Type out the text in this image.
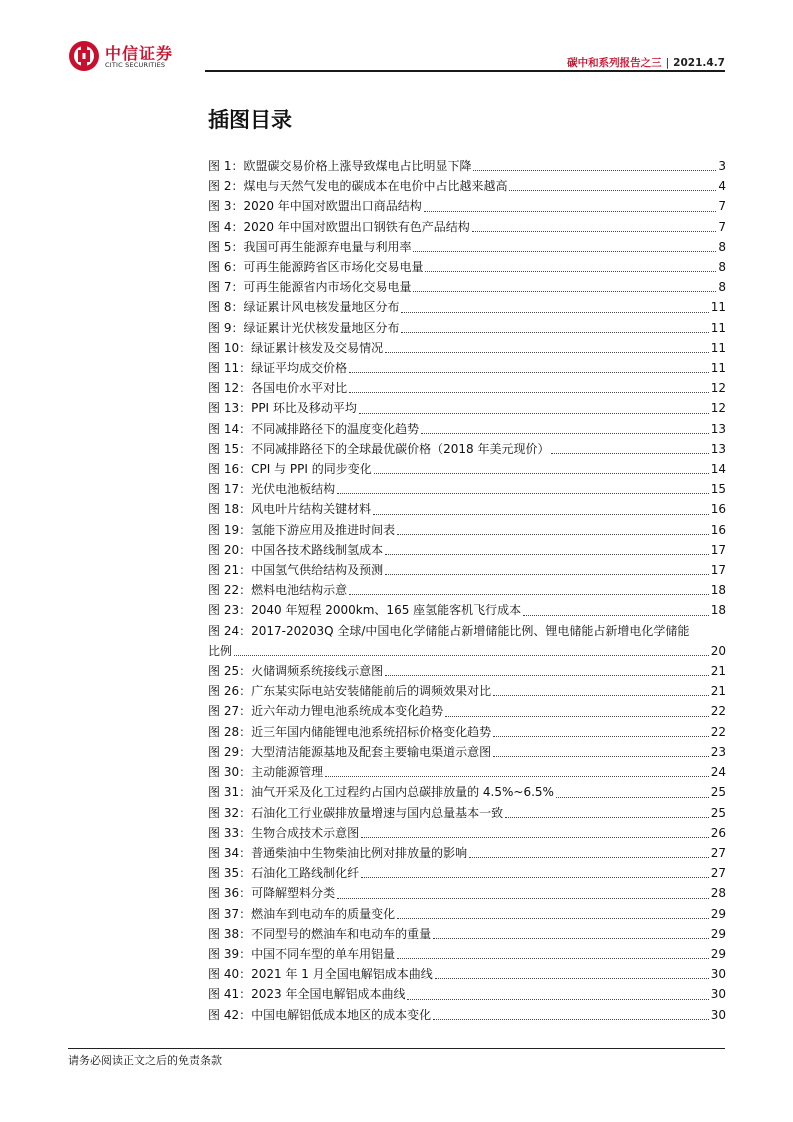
中信证券
CITIC SECURITIES	碳中和系列报告之三 | 2021.4.7
插图目录
图 1：欧盟碳交易价格上涨导致煤电占比明显下降	3
图 2：煤电与天然气发电的碳成本在电价中占比越来越高	4
图 3：2020 年中国对欧盟出口商品结构	7
图 4：2020 年中国对欧盟出口钢铁有色产品结构	7
图 5：我国可再生能源弃电量与利用率	8
图 6：可再生能源跨省区市场化交易电量	8
图 7：可再生能源省内市场化交易电量	8
图 8：绿证累计风电核发量地区分布	11
图 9：绿证累计光伏核发量地区分布	11
图 10：绿证累计核发及交易情况	11
图 11：绿证平均成交价格	11
图 12：各国电价水平对比	12
图 13：PPI 环比及移动平均	12
图 14：不同减排路径下的温度变化趋势	13
图 15：不同减排路径下的全球最优碳价格（2018 年美元现价）	13
图 16：CPI 与 PPI 的同步变化	14
图 17：光伏电池板结构	15
图 18：风电叶片结构关键材料	16
图 19：氢能下游应用及推进时间表	16
图 20：中国各技术路线制氢成本	17
图 21：中国氢气供给结构及预测	17
图 22：燃料电池结构示意	18
图 23：2040 年短程 2000km、165 座氢能客机飞行成本	18
图 24：2017-20203Q 全球/中国电化学储能占新增储能比例、锂电储能占新增电化学储能
比例	20
图 25：火储调频系统接线示意图	21
图 26：广东某实际电站安装储能前后的调频效果对比	21
图 27：近六年动力锂电池系统成本变化趋势	22
图 28：近三年国内储能锂电池系统招标价格变化趋势	22
图 29：大型清洁能源基地及配套主要输电渠道示意图	23
图 30：主动能源管理	24
图 31：油气开采及化工过程约占国内总碳排放量的 4.5%~6.5%	25
图 32：石油化工行业碳排放量增速与国内总量基本一致	25
图 33：生物合成技术示意图	26
图 34：普通柴油中生物柴油比例对排放量的影响	27
图 35：石油化工路线制化纤	27
图 36：可降解塑料分类	28
图 37：燃油车到电动车的质量变化	29
图 38：不同型号的燃油车和电动车的重量	29
图 39：中国不同车型的单车用铝量	29
图 40：2021 年 1 月全国电解铝成本曲线	30
图 41：2023 年全国电解铝成本曲线	30
图 42：中国电解铝低成本地区的成本变化	30
请务必阅读正文之后的免责条款
